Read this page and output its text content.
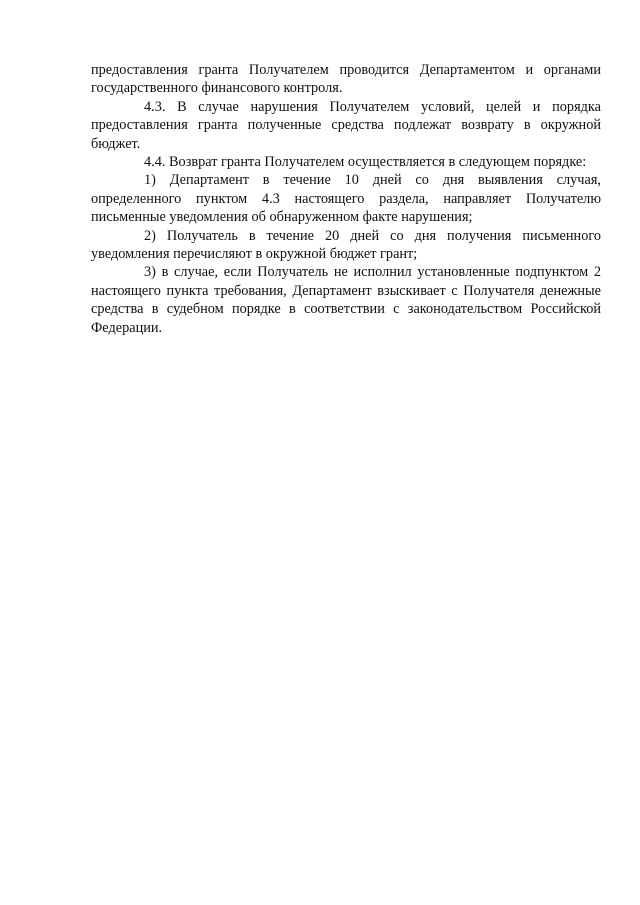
предоставления гранта Получателем проводится Департаментом и органами государственного финансового контроля.

4.3. В случае нарушения Получателем условий, целей и порядка предоставления гранта полученные средства подлежат возврату в окружной бюджет.

4.4. Возврат гранта Получателем осуществляется в следующем порядке:

1) Департамент в течение 10 дней со дня выявления случая, определенного пунктом 4.3 настоящего раздела, направляет Получателю письменные уведомления об обнаруженном факте нарушения;

2) Получатель в течение 20 дней со дня получения письменного уведомления перечисляют в окружной бюджет грант;

3) в случае, если Получатель не исполнил установленные подпунктом 2 настоящего пункта требования, Департамент взыскивает с Получателя денежные средства в судебном порядке в соответствии с законодательством Российской Федерации.
